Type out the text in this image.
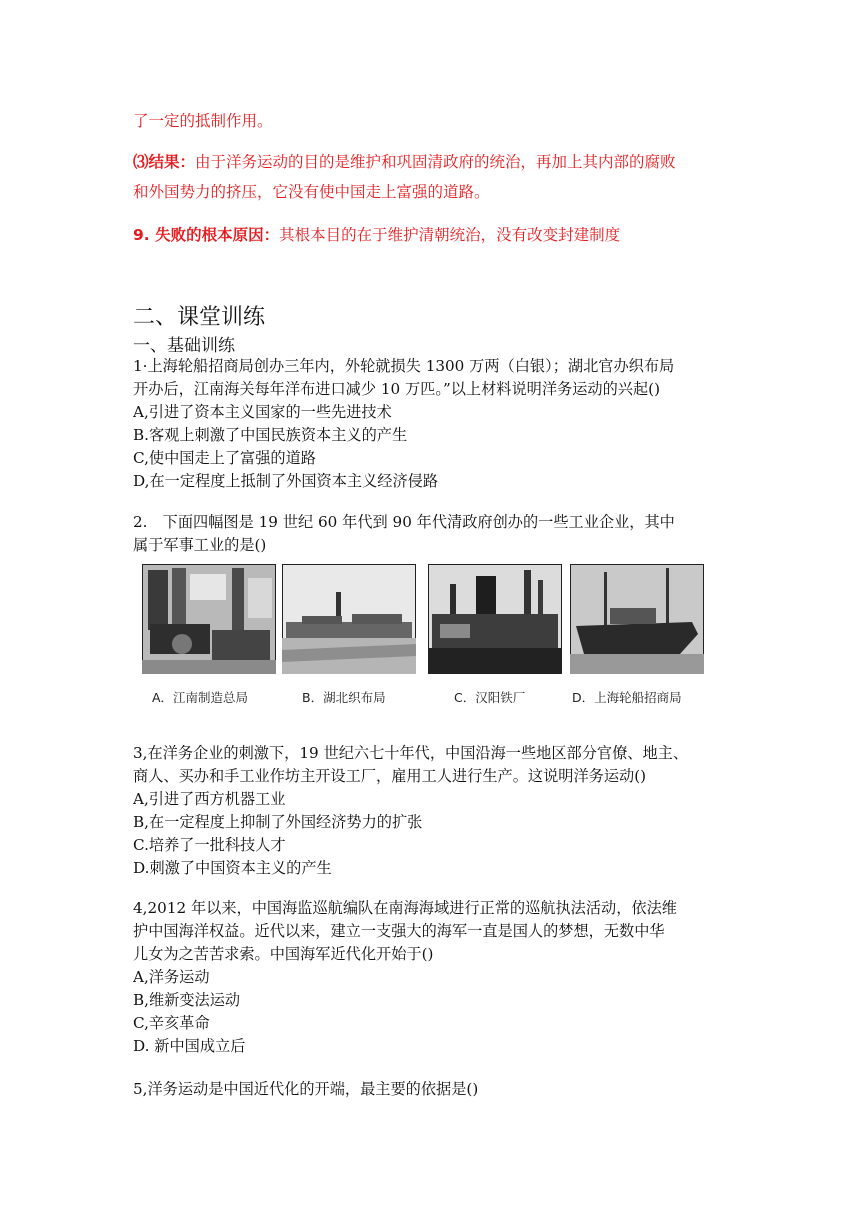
了一定的抵制作用。
⑶结果：由于洋务运动的目的是维护和巩固清政府的统治，再加上其内部的腐败
和外国势力的挤压，它没有使中国走上富强的道路。
9. 失败的根本原因：其根本目的在于维护清朝统治，没有改变封建制度
二、课堂训练
一、基础训练
1·上海轮船招商局创办三年内，外轮就损失 1300 万两（白银）；湖北官办织布局
开办后，江南海关每年洋布进口减少 10 万匹。”以上材料说明洋务运动的兴起()
A,引进了资本主义国家的一些先进技术
B.客观上刺激了中国民族资本主义的产生
C,使中国走上了富强的道路
D,在一定程度上抵制了外国资本主义经济侵路
2.　下面四幅图是 19 世纪 60 年代到 90 年代清政府创办的一些工业企业，其中
属于军事工业的是()
A．江南制造总局	B．湖北织布局	C．汉阳铁厂	D．上海轮船招商局
3,在洋务企业的刺激下，19 世纪六七十年代，中国沿海一些地区部分官僚、地主、
商人、买办和手工业作坊主开设工厂，雇用工人进行生产。这说明洋务运动()
A,引进了西方机器工业
B,在一定程度上抑制了外国经济势力的扩张
C.培养了一批科技人才
D.刺激了中国资本主义的产生
4,2012 年以来，中国海监巡航编队在南海海域进行正常的巡航执法活动，依法维
护中国海洋权益。近代以来，建立一支强大的海军一直是国人的梦想，无数中华
儿女为之苦苦求索。中国海军近代化开始于()
A,洋务运动
B,维新变法运动
C,辛亥革命
D. 新中国成立后
5,洋务运动是中国近代化的开端，最主要的依据是()
